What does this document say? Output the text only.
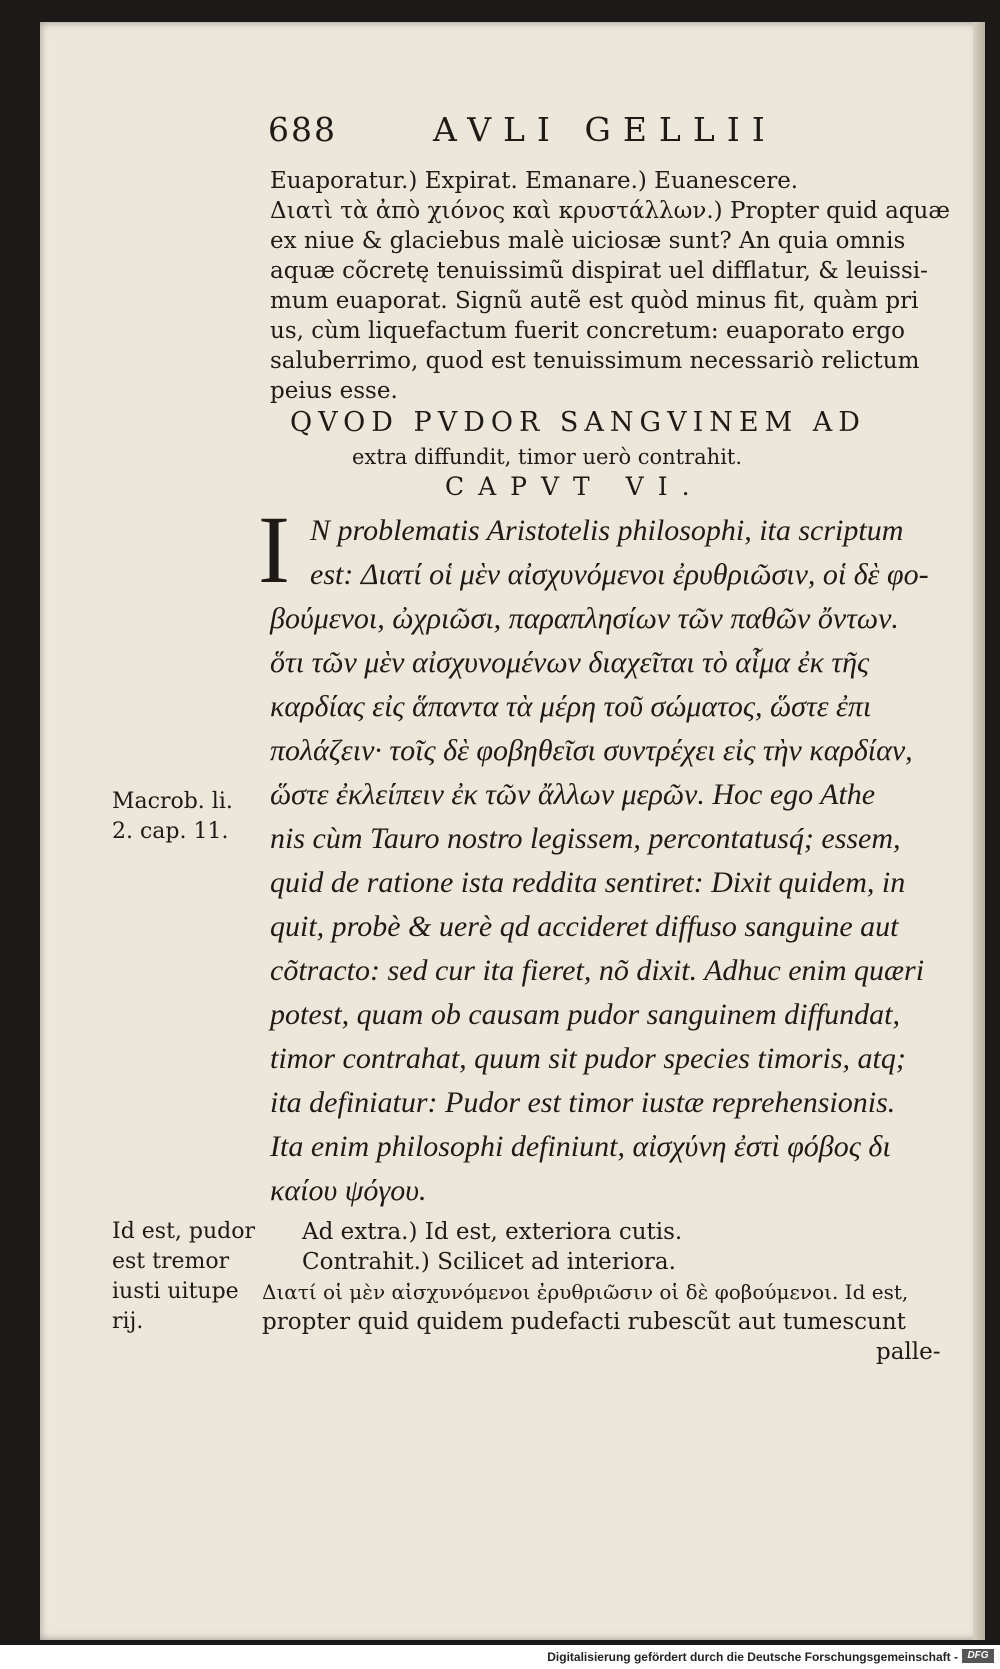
688	AVLI GELLII
Euaporatur.) Expirat. Emanare.) Euanescere.
Διατὶ τὰ ἀπὸ χιόνος καὶ κρυστάλλων.) Propter quid aquæ
ex niue & glaciebus malè uiciosæ sunt? An quia omnis
aquæ cõcretę tenuissimũ dispirat uel difflatur, & leuissi-
mum euaporat. Signũ autẽ est quòd minus fit, quàm pri
us, cùm liquefactum fuerit concretum: euaporato ergo
saluberrimo, quod est tenuissimum necessariò relictum
peius esse.
QVOD PVDOR SANGVINEM AD
extra diffundit, timor uerò contrahit.
CAPVT VI.
I N problematis Aristotelis philosophi, ita scriptum
est: Διατί οἱ μὲν αἰσχυνόμενοι ἐρυθριῶσιν, οἱ δὲ φο-
βούμενοι, ὠχριῶσι, παραπλησίων τῶν παθῶν ὄντων.
ὅτι τῶν μὲν αἰσχυνομένων διαχεῖται τὸ αἷμα ἐκ τῆς
καρδίας εἰς ἅπαντα τὰ μέρη τοῦ σώματος, ὥστε ἐπι
πολάζειν· τοῖς δὲ φοβηθεῖσι συντρέχει εἰς τὴν καρδίαν,
ὥστε ἐκλείπειν ἐκ τῶν ἄλλων μερῶν. Hoc ego Athe
nis cùm Tauro nostro legissem, percontatusq́; essem,
quid de ratione ista reddita sentiret: Dixit quidem, in
quit, probè & uerè qd accideret diffuso sanguine aut
cõtracto: sed cur ita fieret, nõ dixit. Adhuc enim quæri
potest, quam ob causam pudor sanguinem diffundat,
timor contrahat, quum sit pudor species timoris, atq;
ita definiatur: Pudor est timor iustæ reprehensionis.
Ita enim philosophi definiunt, αἰσχύνη ἐστὶ φόβος δι
καίου ψόγου.
Ad extra.) Id est, exteriora cutis.
Contrahit.) Scilicet ad interiora.
Διατί οἱ μὲν αἰσχυνόμενοι ἐρυθριῶσιν οἱ δὲ φοβούμενοι. Id est,
propter quid quidem pudefacti rubescũt aut tumescunt
palle-
Macrob. li.
2. cap. 11.
Id est, pudor
est tremor
iusti uitupe
rij.
Digitalisierung gefördert durch die Deutsche Forschungsgemeinschaft - DFG
